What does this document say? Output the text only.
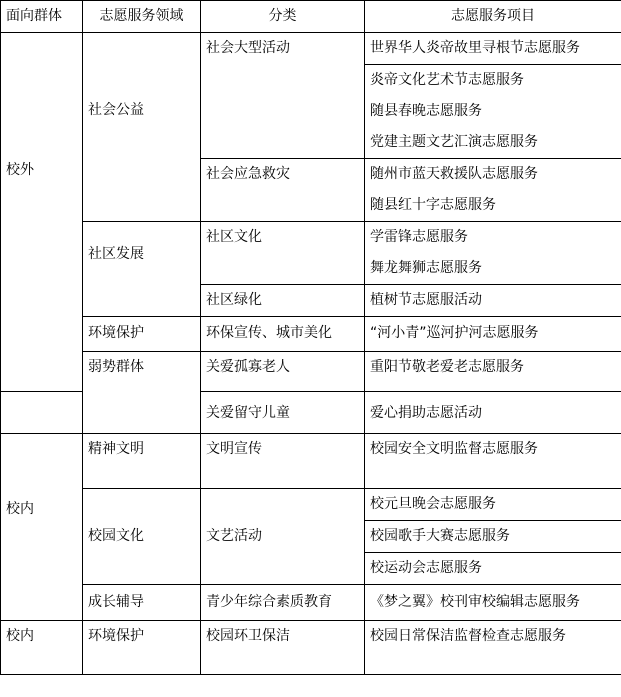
面向群体	志愿服务领域	分类	志愿服务项目

校外	社会公益	社会大型活动	世界华人炎帝故里寻根节志愿服务
			炎帝文化艺术节志愿服务
			随县春晚志愿服务
			党建主题文艺汇演志愿服务
		社会应急救灾	随州市蓝天救援队志愿服务
			随县红十字志愿服务

	社区发展	社区文化	学雷锋志愿服务
			舞龙舞狮志愿服务
		社区绿化	植树节志愿服活动
	环境保护	环保宣传、城市美化	“河小青”巡河护河志愿服务
	弱势群体	关爱孤寡老人	重阳节敬老爱老志愿服务
		关爱留守儿童	爱心捐助志愿活动

校内	精神文明	文明宣传	校园安全文明监督志愿服务
	校园文化	文艺活动	校元旦晚会志愿服务
			校园歌手大赛志愿服务
			校运动会志愿服务
	成长辅导	青少年综合素质教育	《梦之翼》校刊审校编辑志愿服务
校内	环境保护	校园环卫保洁	校园日常保洁监督检查志愿服务
